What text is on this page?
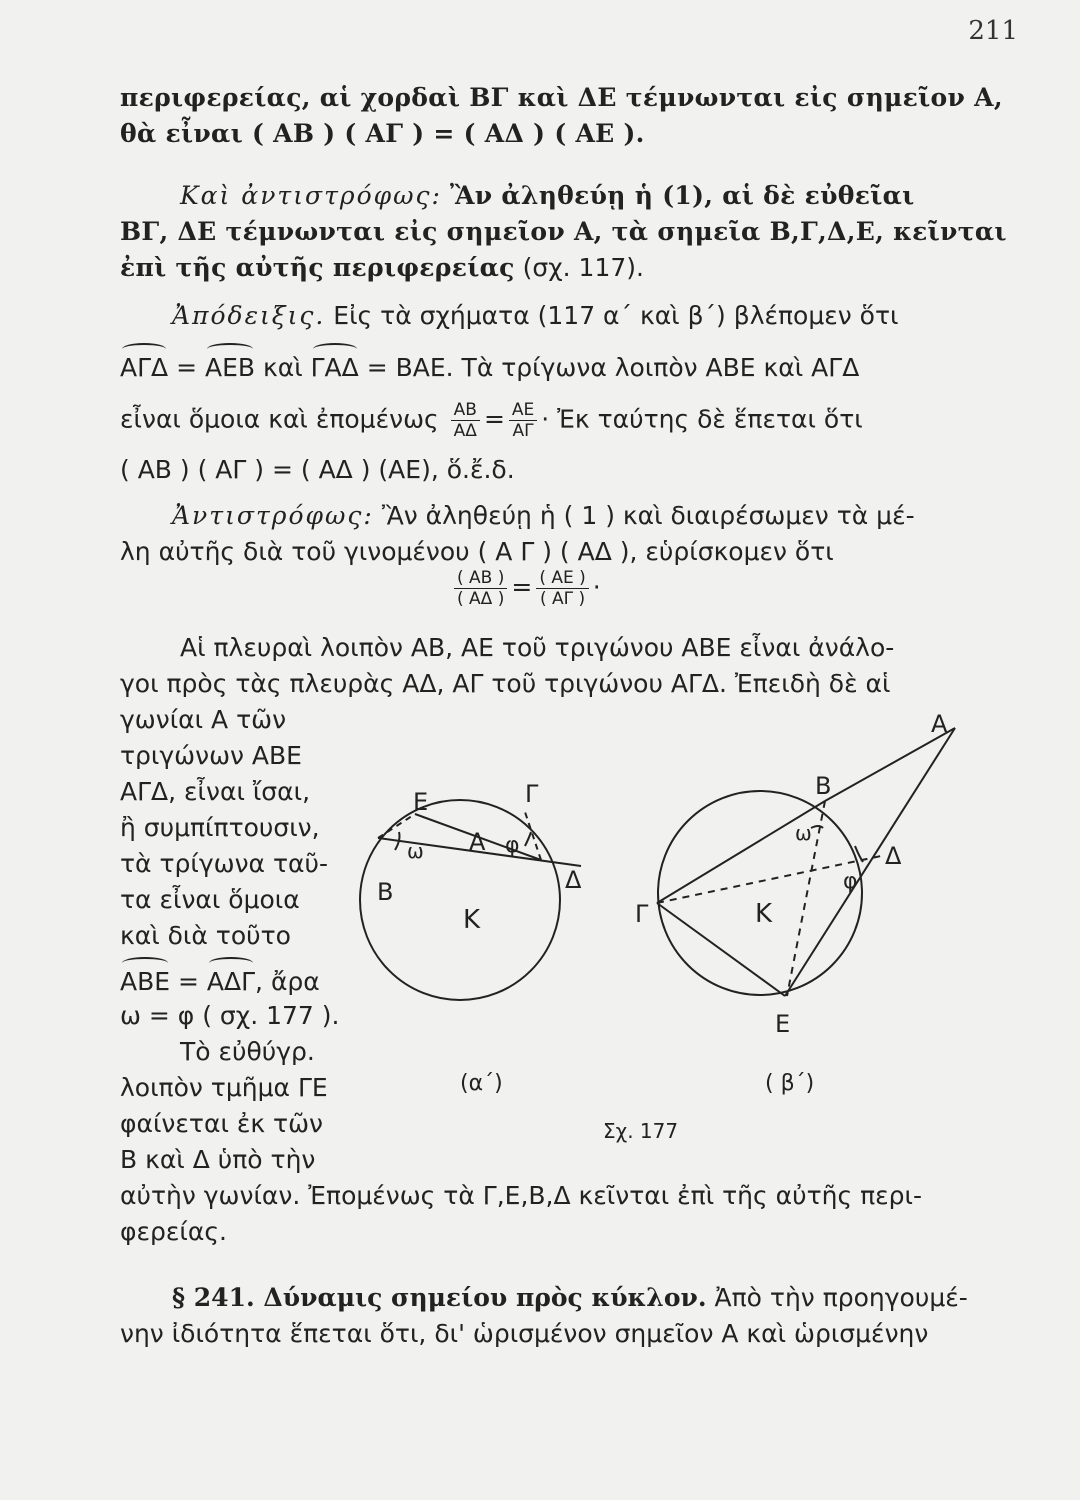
211
περιφερείας, αἱ χορδαὶ ΒΓ καὶ ΔΕ τέμνωνται εἰς σημεῖον Α,
θὰ εἶναι ( ΑΒ ) ( ΑΓ ) = ( ΑΔ ) ( ΑΕ ).
Καὶ ἀντιστρόφως: Ἂν ἀληθεύῃ ἡ (1), αἱ δὲ εὐθεῖαι
ΒΓ, ΔΕ τέμνωνται εἰς σημεῖον Α, τὰ σημεῖα Β,Γ,Δ,Ε, κεῖνται
ἐπὶ τῆς αὐτῆς περιφερείας (σχ. 117).
Ἀπόδειξις. Εἰς τὰ σχήματα (117 α΄ καὶ β΄) βλέπομεν ὅτι
ΑΓΔ = ΑΕΒ καὶ ΓΑΔ = ΒΑΕ. Τὰ τρίγωνα λοιπὸν ΑΒΕ καὶ ΑΓΔ
εἶναι ὅμοια καὶ ἐπομένως $\frac{AB}{A\Delta} = \frac{AE}{A\Gamma}$ · Ἐκ ταύτης δὲ ἕπεται ὅτι
( ΑΒ ) ( ΑΓ ) = ( ΑΔ ) (ΑΕ), ὅ.ἔ.δ.
Ἀντιστρόφως: Ἂν ἀληθεύῃ ἡ ( 1 ) καὶ διαιρέσωμεν τὰ μέ-
λη αὐτῆς διὰ τοῦ γινομένου ( Α Γ ) ( ΑΔ ), εὑρίσκομεν ὅτι
$\frac{( AB )}{( A\Delta )} = \frac{( AE )}{( A\Gamma )}$ ·
Αἱ πλευραὶ λοιπὸν ΑΒ, ΑΕ τοῦ τριγώνου ΑΒΕ εἶναι ἀνάλο-
γοι πρὸς τὰς πλευρὰς ΑΔ, ΑΓ τοῦ τριγώνου ΑΓΔ. Ἐπειδὴ δὲ αἱ
γωνίαι Α τῶν
τριγώνων ΑΒΕ
ΑΓΔ, εἶναι ἴσαι,
ἢ συμπίπτουσιν,
τὰ τρίγωνα ταῦ-
τα εἶναι ὅμοια
καὶ διὰ τοῦτο
ΑΒΕ = ΑΔΓ, ἄρα
ω = φ ( σχ. 177 ).
Τὸ εὐθύγρ.
λοιπὸν τμῆμα ΓΕ
φαίνεται ἐκ τῶν
Β καὶ Δ ὑπὸ τὴν
αὐτὴν γωνίαν. Ἐπομένως τὰ Γ,Ε,Β,Δ κεῖνται ἐπὶ τῆς αὐτῆς περι-
φερείας.
§ 241. Δύναμις σημείου πρὸς κύκλον. Ἀπὸ τὴν προηγουμέ-
νην ἰδιότητα ἕπεται ὅτι, δι' ὡρισμένον σημεῖον Α καὶ ὡρισμένην
Ε	Γ
Α
ω	φ
Β	Δ
Κ
(α΄)
Α
Β
ω
Δ
φ
Γ	Κ
Ε
( β΄)
Σχ. 177
